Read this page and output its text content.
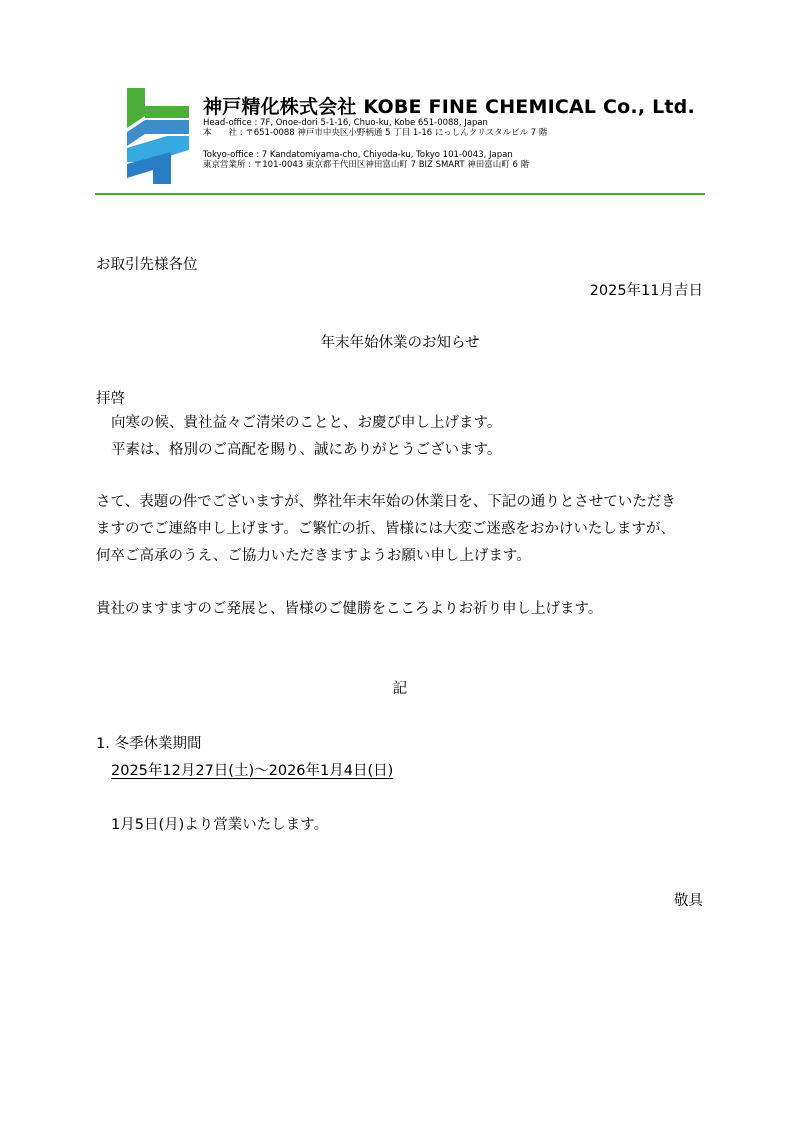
神戸精化株式会社 KOBE FINE CHEMICAL Co., Ltd.
Head-office : 7F, Onoe-dori 5-1-16, Chuo-ku, Kobe 651-0088, Japan
本　　社 : 〒651-0088 神戸市中央区小野柄通 5 丁目 1-16 にっしんクリスタルビル 7 階
Tokyo-office : 7 Kandatomiyama-cho, Chiyoda-ku, Tokyo 101-0043, Japan
東京営業所 : 〒101-0043 東京都千代田区神田富山町 7 BIZ SMART 神田富山町 6 階
お取引先様各位
2025年11月吉日
年末年始休業のお知らせ
拝啓
向寒の候、貴社益々ご清栄のことと、お慶び申し上げます。
平素は、格別のご高配を賜り、誠にありがとうございます。
さて、表題の件でございますが、弊社年末年始の休業日を、下記の通りとさせていただき
ますのでご連絡申し上げます。ご繁忙の折、皆様には大変ご迷惑をおかけいたしますが、
何卒ご高承のうえ、ご協力いただきますようお願い申し上げます。
貴社のますますのご発展と、皆様のご健勝をこころよりお祈り申し上げます。
記
1. 冬季休業期間
2025年12月27日(土)～2026年1月4日(日)
1月5日(月)より営業いたします。
敬具
